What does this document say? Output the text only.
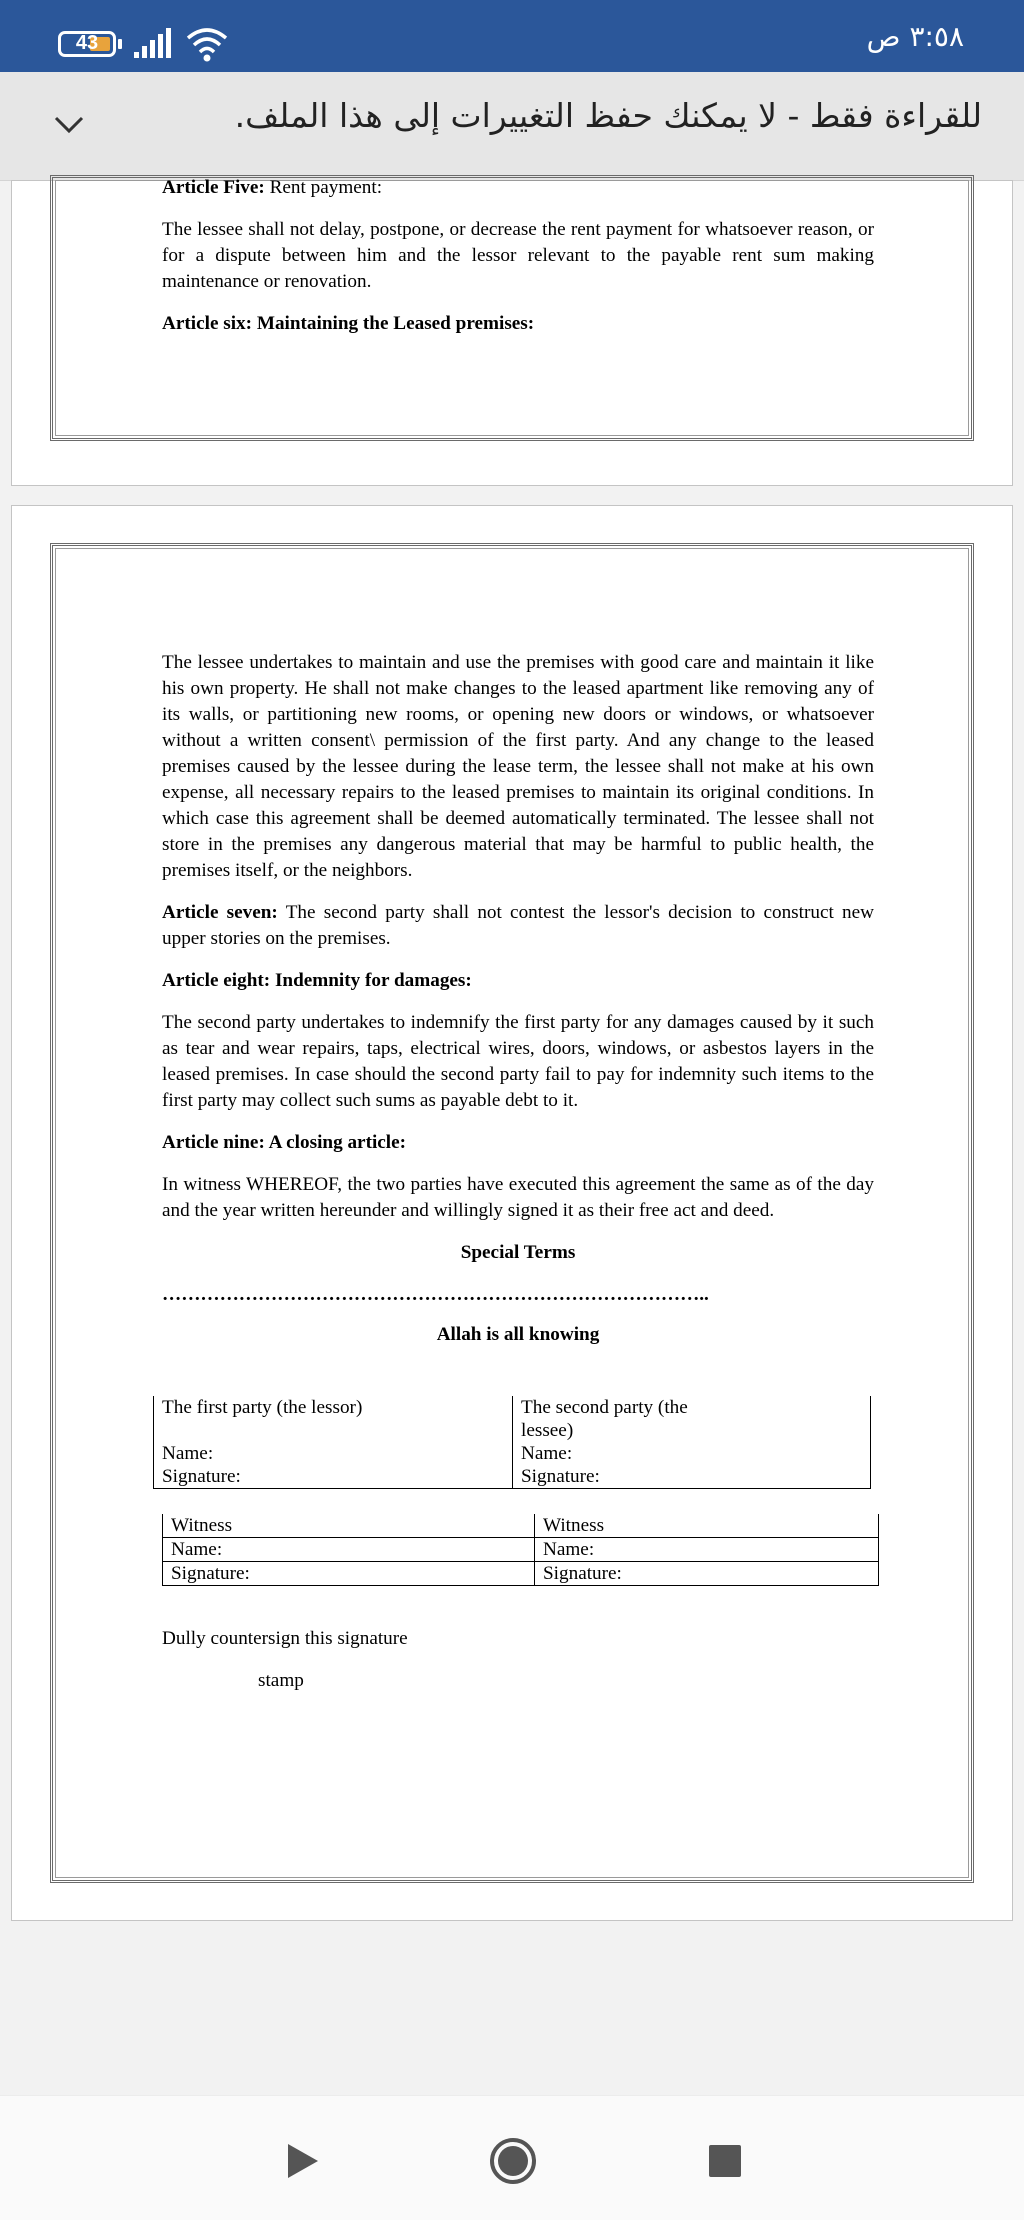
43	٣:٥٨ ص
للقراءة فقط - لا يمكنك حفظ التغييرات إلى هذا الملف.

Article Five: Rent payment:

The lessee shall not delay, postpone, or decrease the rent payment for whatsoever reason, or for a dispute between him and the lessor relevant to the payable rent sum making maintenance or renovation.

Article six: Maintaining the Leased premises:

The lessee undertakes to maintain and use the premises with good care and maintain it like his own property. He shall not make changes to the leased apartment like removing any of its walls, or partitioning new rooms, or opening new doors or windows, or whatsoever without a written consent\ permission of the first party. And any change to the leased premises caused by the lessee during the lease term, the lessee shall not make at his own expense, all necessary repairs to the leased premises to maintain its original conditions. In which case this agreement shall be deemed automatically terminated. The lessee shall not store in the premises any dangerous material that may be harmful to public health, the premises itself, or the neighbors.

Article seven: The second party shall not contest the lessor's decision to construct new upper stories on the premises.

Article eight: Indemnity for damages:

The second party undertakes to indemnify the first party for any damages caused by it such as tear and wear repairs, taps, electrical wires, doors, windows, or asbestos layers in the leased premises. In case should the second party fail to pay for indemnity such items to the first party may collect such sums as payable debt to it.

Article nine: A closing article:

In witness WHEREOF, the two parties have executed this agreement the same as of the day and the year written hereunder and willingly signed it as their free act and deed.

Special Terms

…………………………………………………………………………..

Allah is all knowing

The first party (the lessor)	The second party (the lessee)
Name:	Name:
Signature:	Signature:
Witness	Witness
Name:	Name:
Signature:	Signature:

Dully countersign this signature

stamp
